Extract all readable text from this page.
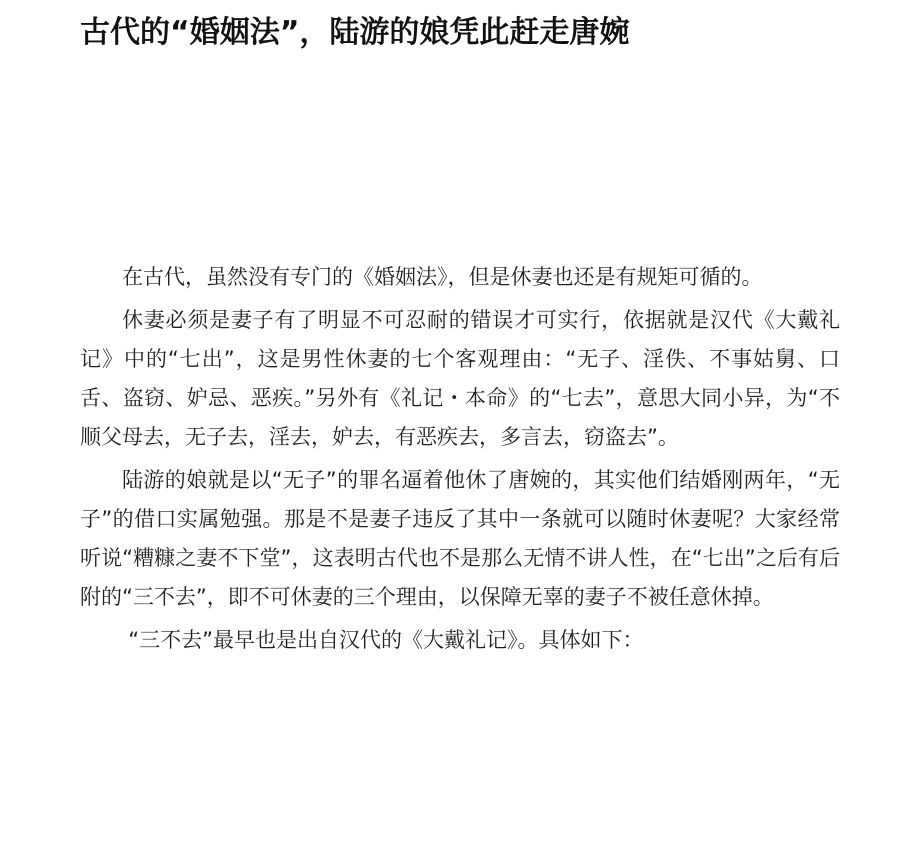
古代的“婚姻法”，陆游的娘凭此赶走唐婉

在古代，虽然没有专门的《婚姻法》，但是休妻也还是有规矩可循的。

休妻必须是妻子有了明显不可忍耐的错误才可实行，依据就是汉代《大戴礼记》中的“七出”，这是男性休妻的七个客观理由：“无子、淫佚、不事姑舅、口舌、盗窃、妒忌、恶疾。”另外有《礼记・本命》的“七去”，意思大同小异，为“不顺父母去，无子去，淫去，妒去，有恶疾去，多言去，窃盗去”。

陆游的娘就是以“无子”的罪名逼着他休了唐婉的，其实他们结婚刚两年，“无子”的借口实属勉强。那是不是妻子违反了其中一条就可以随时休妻呢？大家经常听说“糟糠之妻不下堂”，这表明古代也不是那么无情不讲人性，在“七出”之后有后附的“三不去”，即不可休妻的三个理由，以保障无辜的妻子不被任意休掉。

“三不去”最早也是出自汉代的《大戴礼记》。具体如下：
